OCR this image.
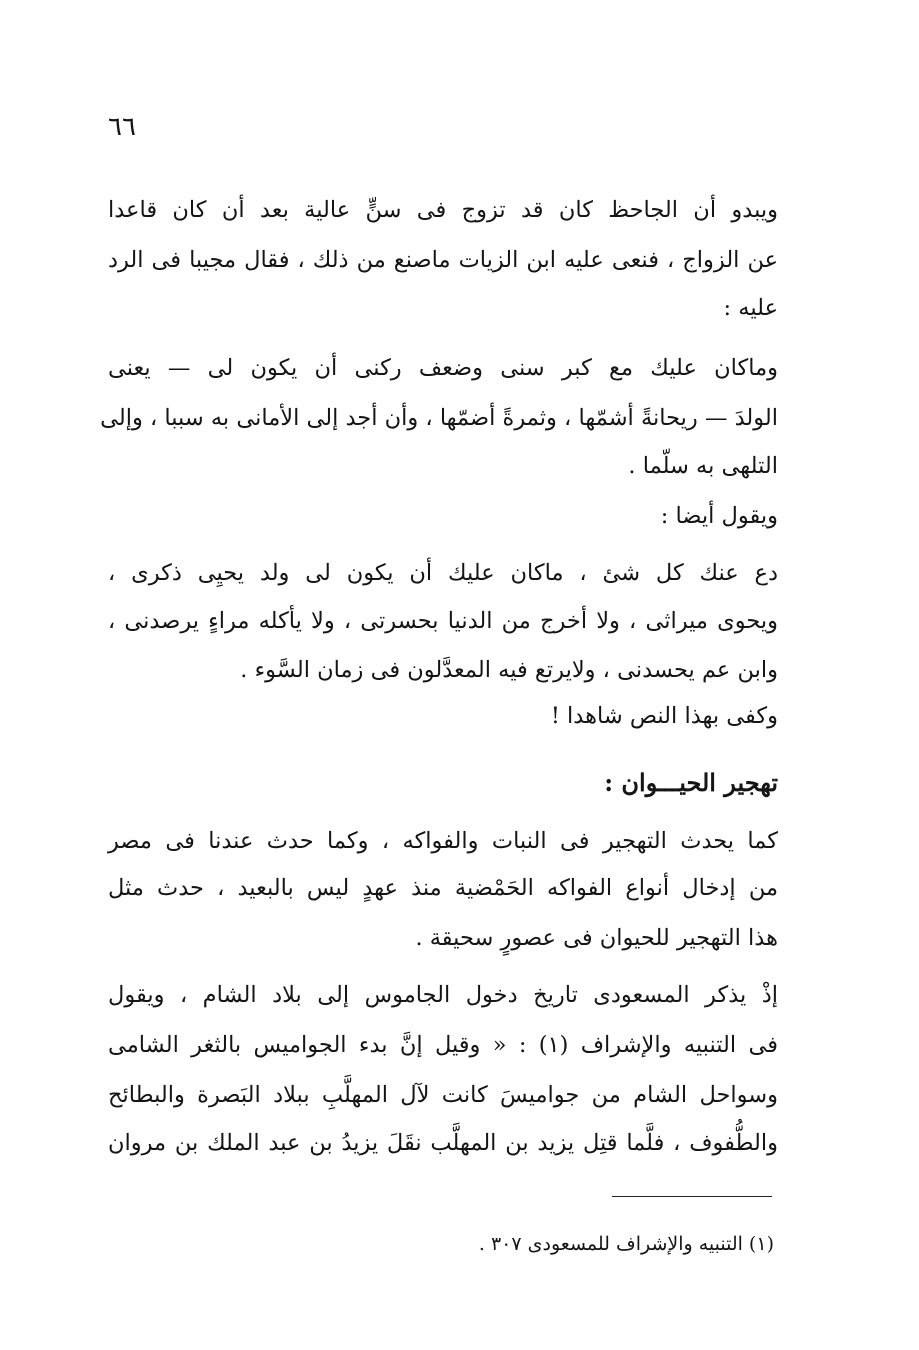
٦٦
ويبدو أن الجاحظ كان قد تزوج فى سنٍّ عالية بعد أن كان قاعدا
عن الزواج ، فنعى عليه ابن الزيات ماصنع من ذلك ، فقال مجيبا فى الرد
عليه :
وماكان عليك مع كبر سنى وضعف ركنى أن يكون لى — يعنى
الولدَ — ريحانةً أشمّها ، وثمرةً أضمّها ، وأن أجد إلى الأمانى به سببا ، وإلى
التلهى به سلّما .
ويقول أيضا :
دع عنك كل شئ ، ماكان عليك أن يكون لى ولد يحيِى ذكرى ،
ويحوى ميراثى ، ولا أخرج من الدنيا بحسرتى ، ولا يأكله مراءٍ يرصدنى ،
وابن عم يحسدنى ، ولايرتع فيه المعدَّلون فى زمان السَّوء .
وكفى بهذا النص شاهدا !
تهجير الحيـــوان :
كما يحدث التهجير فى النبات والفواكه ، وكما حدث عندنا فى مصر
من إدخال أنواع الفواكه الحَمْضية منذ عهدٍ ليس بالبعيد ، حدث مثل
هذا التهجير للحيوان فى عصورٍ سحيقة .
إذْ يذكر المسعودى تاريخ دخول الجاموس إلى بلاد الشام ، ويقول
فى التنبيه والإشراف (١) : « وقيل إنَّ بدء الجواميس بالثغر الشامى
وسواحل الشام من جواميسَ كانت لآل المهلَّبِ ببلاد البَصرة والبطائح
والطُّفوف ، فلَّما قتِل يزيد بن المهلَّب نقَلَ يزيدُ بن عبد الملك بن مروان
(١) التنبيه والإشراف للمسعودى ٣٠٧ .
